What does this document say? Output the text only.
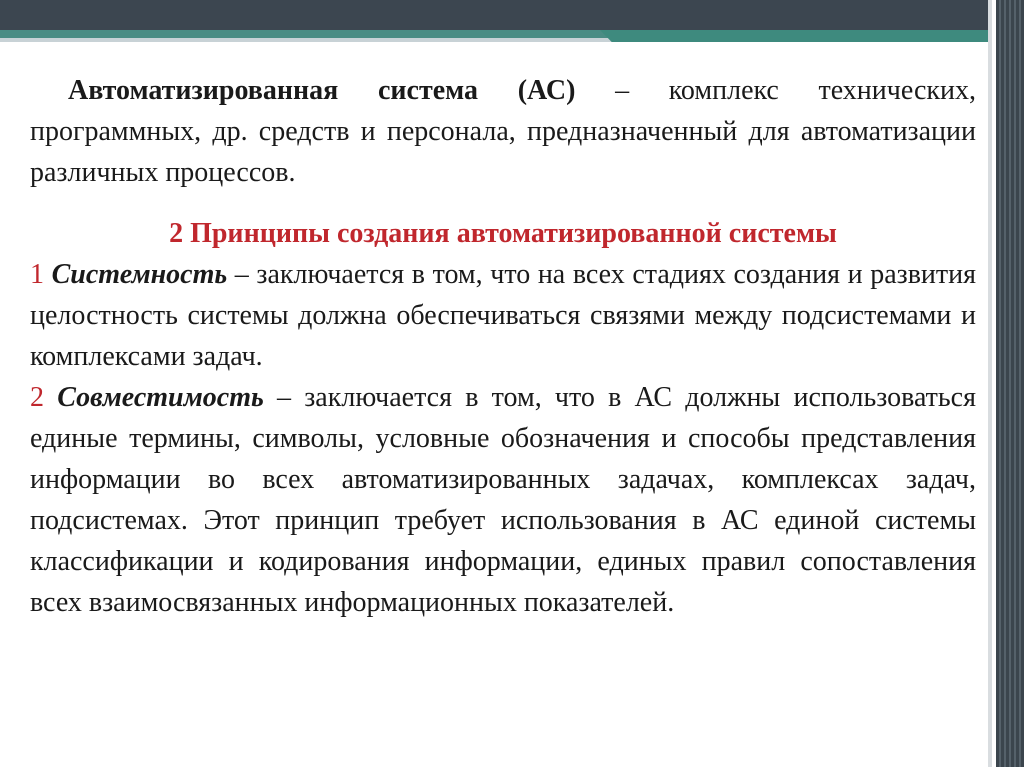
Автоматизированная система (АС) – комплекс технических, программных, др. средств и персонала, предназначенный для автоматизации различных процессов.

2 Принципы создания автоматизированной системы

1 Системность – заключается в том, что на всех стадиях создания и развития целостность системы должна обеспечиваться связями между подсистемами и комплексами задач.

2 Совместимость – заключается в том, что в АС должны использоваться единые термины, символы, условные обозначения и способы представления информации во всех автоматизированных задачах, комплексах задач, подсистемах. Этот принцип требует использования в АС единой системы классификации и кодирования информации, единых правил сопоставления всех взаимосвязанных информационных показателей.
